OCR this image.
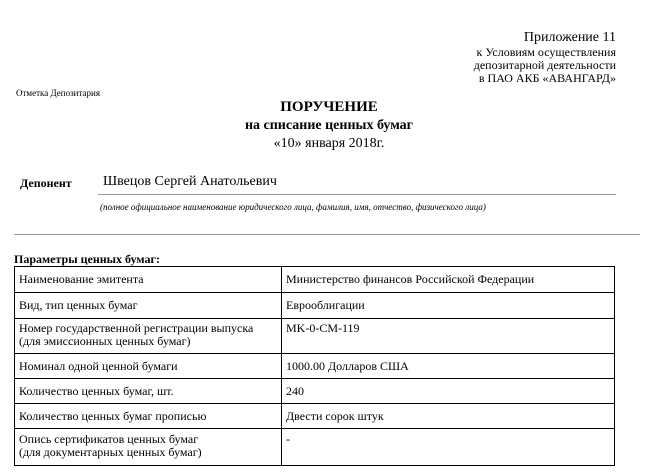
Приложение 11
к Условиям осуществления
депозитарной деятельности
в ПАО АКБ «АВАНГАРД»
Отметка Депозитария
ПОРУЧЕНИЕ
на списание ценных бумаг
«10» января 2018г.
Депонент Швецов Сергей Анатольевич
(полное официальное наименование юридического лица, фамилия, имя, отчество, физического лица)
Параметры ценных бумаг:
Наименование эмитента	Министерство финансов Российской Федерации
Вид, тип ценных бумаг	Еврооблигации

Номер государственной регистрации выпуска
(для эмиссионных ценных бумаг)	MK-0-CM-119
Номинал одной ценной бумаги	1000.00 Долларов США
Количество ценных бумаг, шт.	240
Количество ценных бумаг прописью	Двести сорок штук

Опись сертификатов ценных бумаг
(для документарных ценных бумаг)	-
